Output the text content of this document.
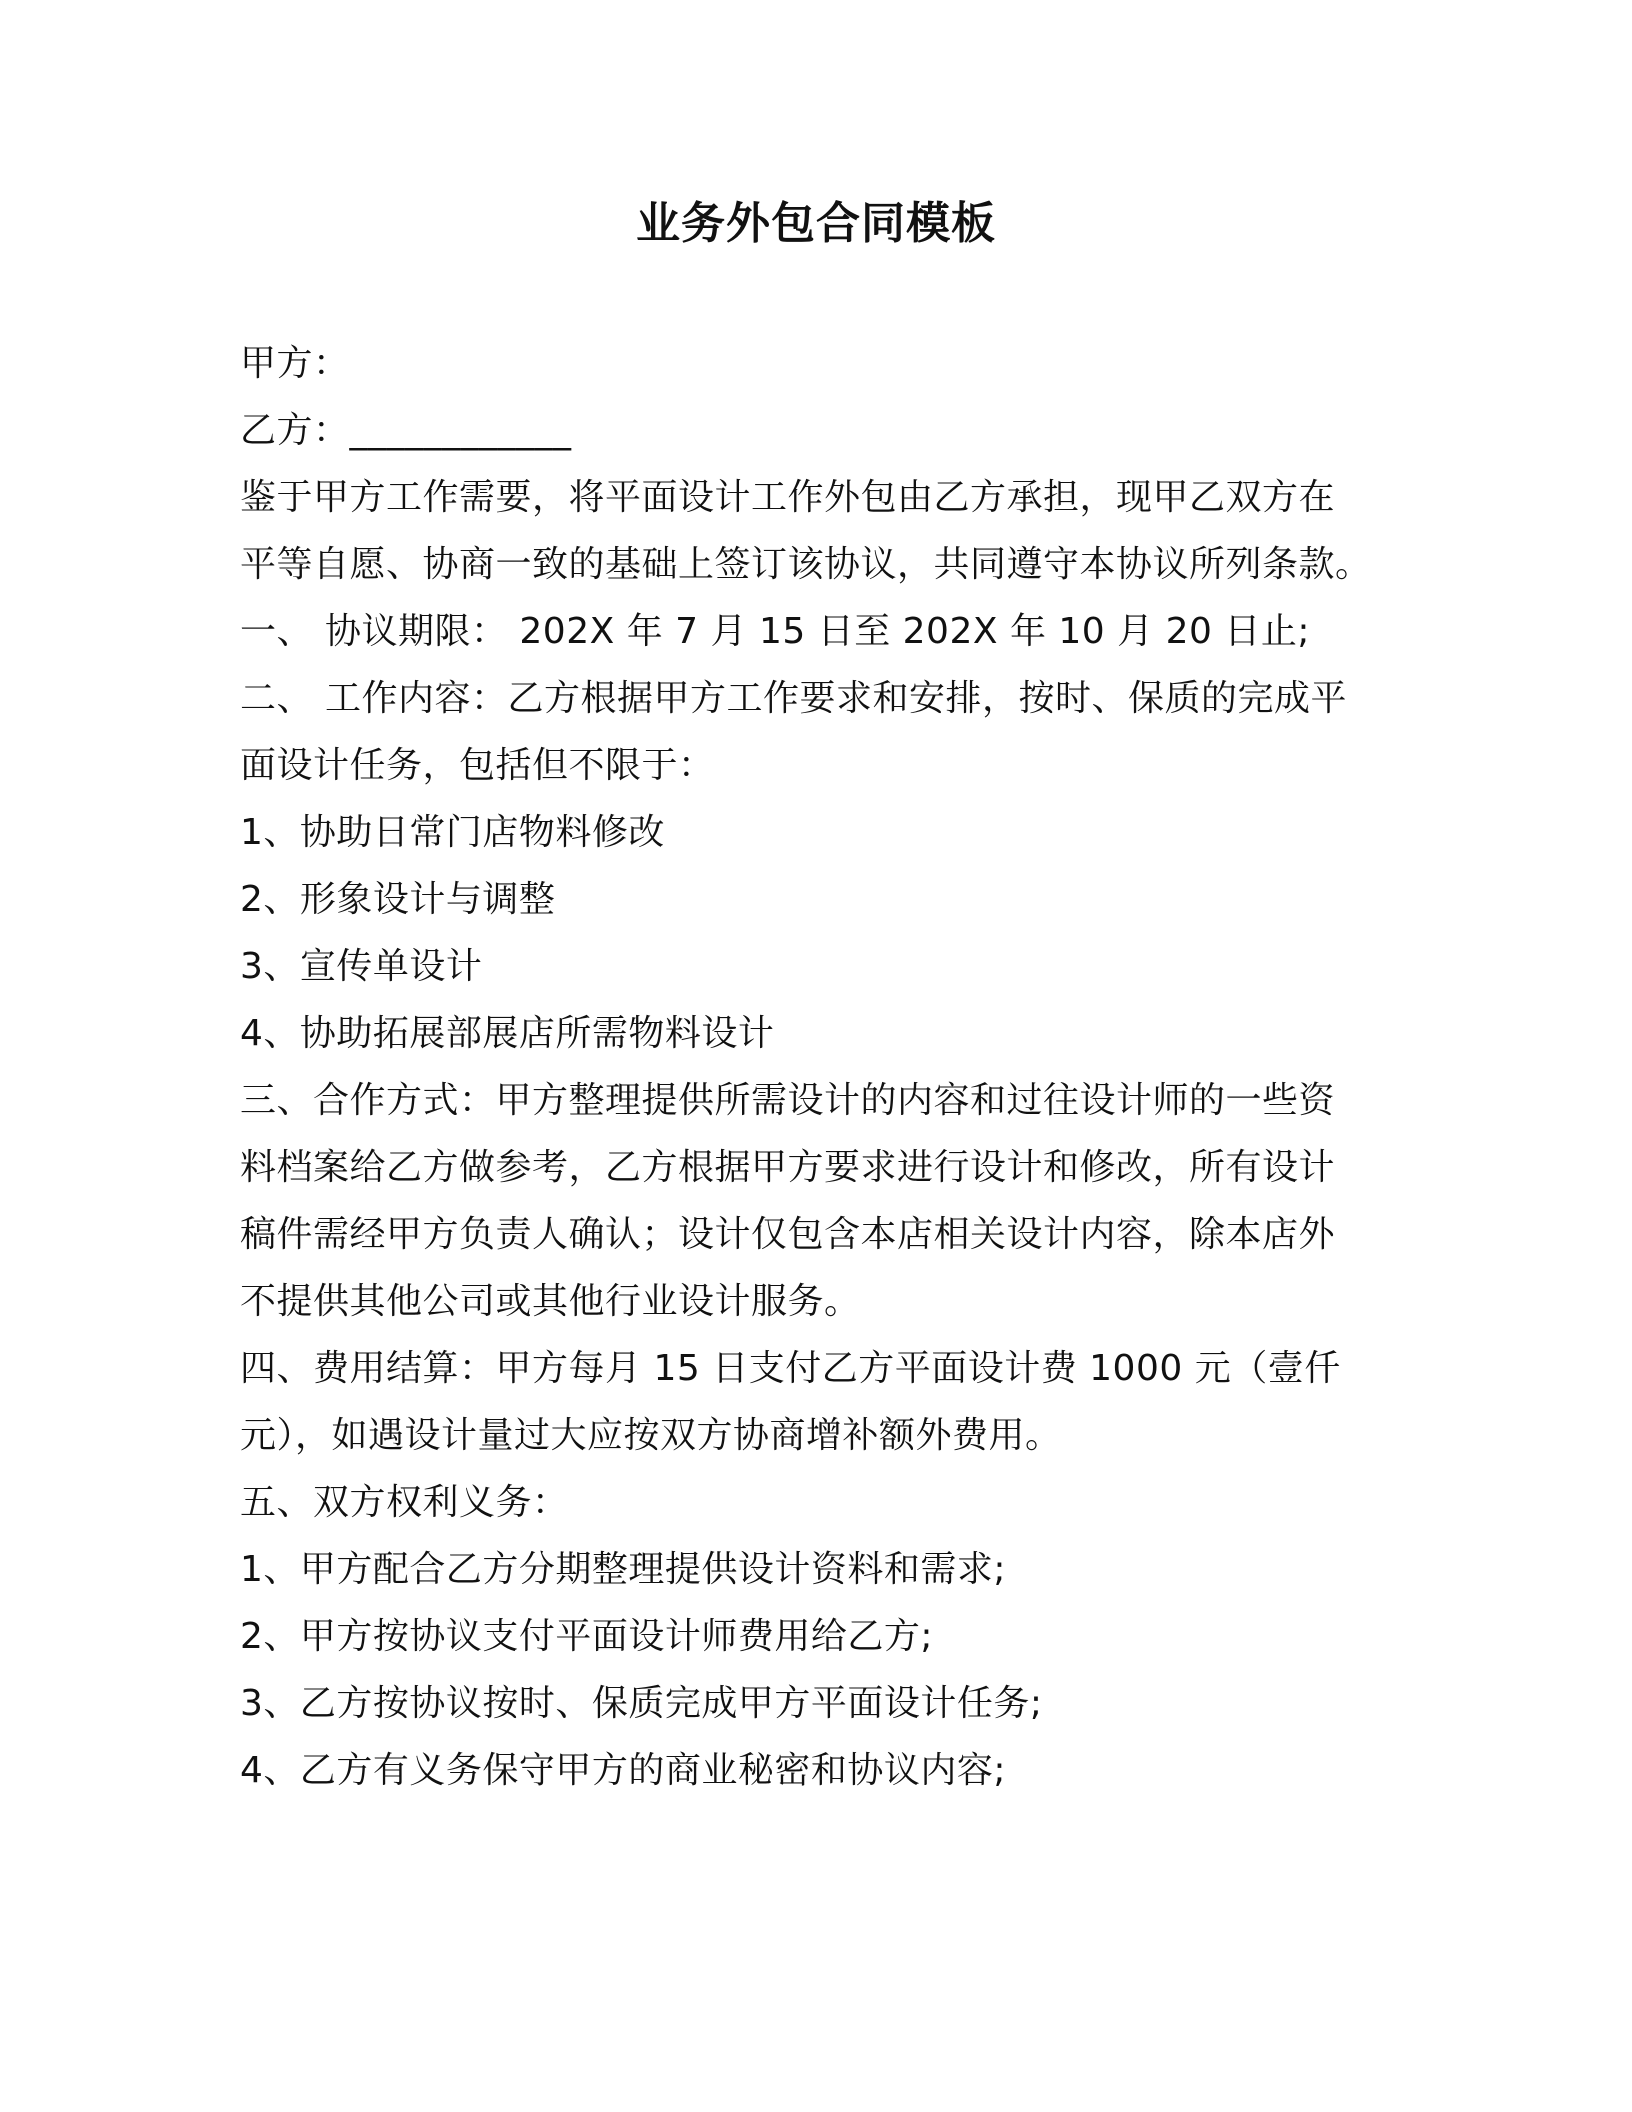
业务外包合同模板
甲方：
乙方：____________
鉴于甲方工作需要，将平面设计工作外包由乙方承担，现甲乙双方在
平等自愿、协商一致的基础上签订该协议，共同遵守本协议所列条款。
一、 协议期限： 202X 年 7 月 15 日至 202X 年 10 月 20 日止;
二、 工作内容：乙方根据甲方工作要求和安排，按时、保质的完成平
面设计任务，包括但不限于：
1、协助日常门店物料修改
2、形象设计与调整
3、宣传单设计
4、协助拓展部展店所需物料设计
三、合作方式：甲方整理提供所需设计的内容和过往设计师的一些资
料档案给乙方做参考，乙方根据甲方要求进行设计和修改，所有设计
稿件需经甲方负责人确认；设计仅包含本店相关设计内容，除本店外
不提供其他公司或其他行业设计服务。
四、费用结算：甲方每月 15 日支付乙方平面设计费 1000 元（壹仟
元），如遇设计量过大应按双方协商增补额外费用。
五、双方权利义务：
1、甲方配合乙方分期整理提供设计资料和需求;
2、甲方按协议支付平面设计师费用给乙方;
3、乙方按协议按时、保质完成甲方平面设计任务;
4、乙方有义务保守甲方的商业秘密和协议内容;
